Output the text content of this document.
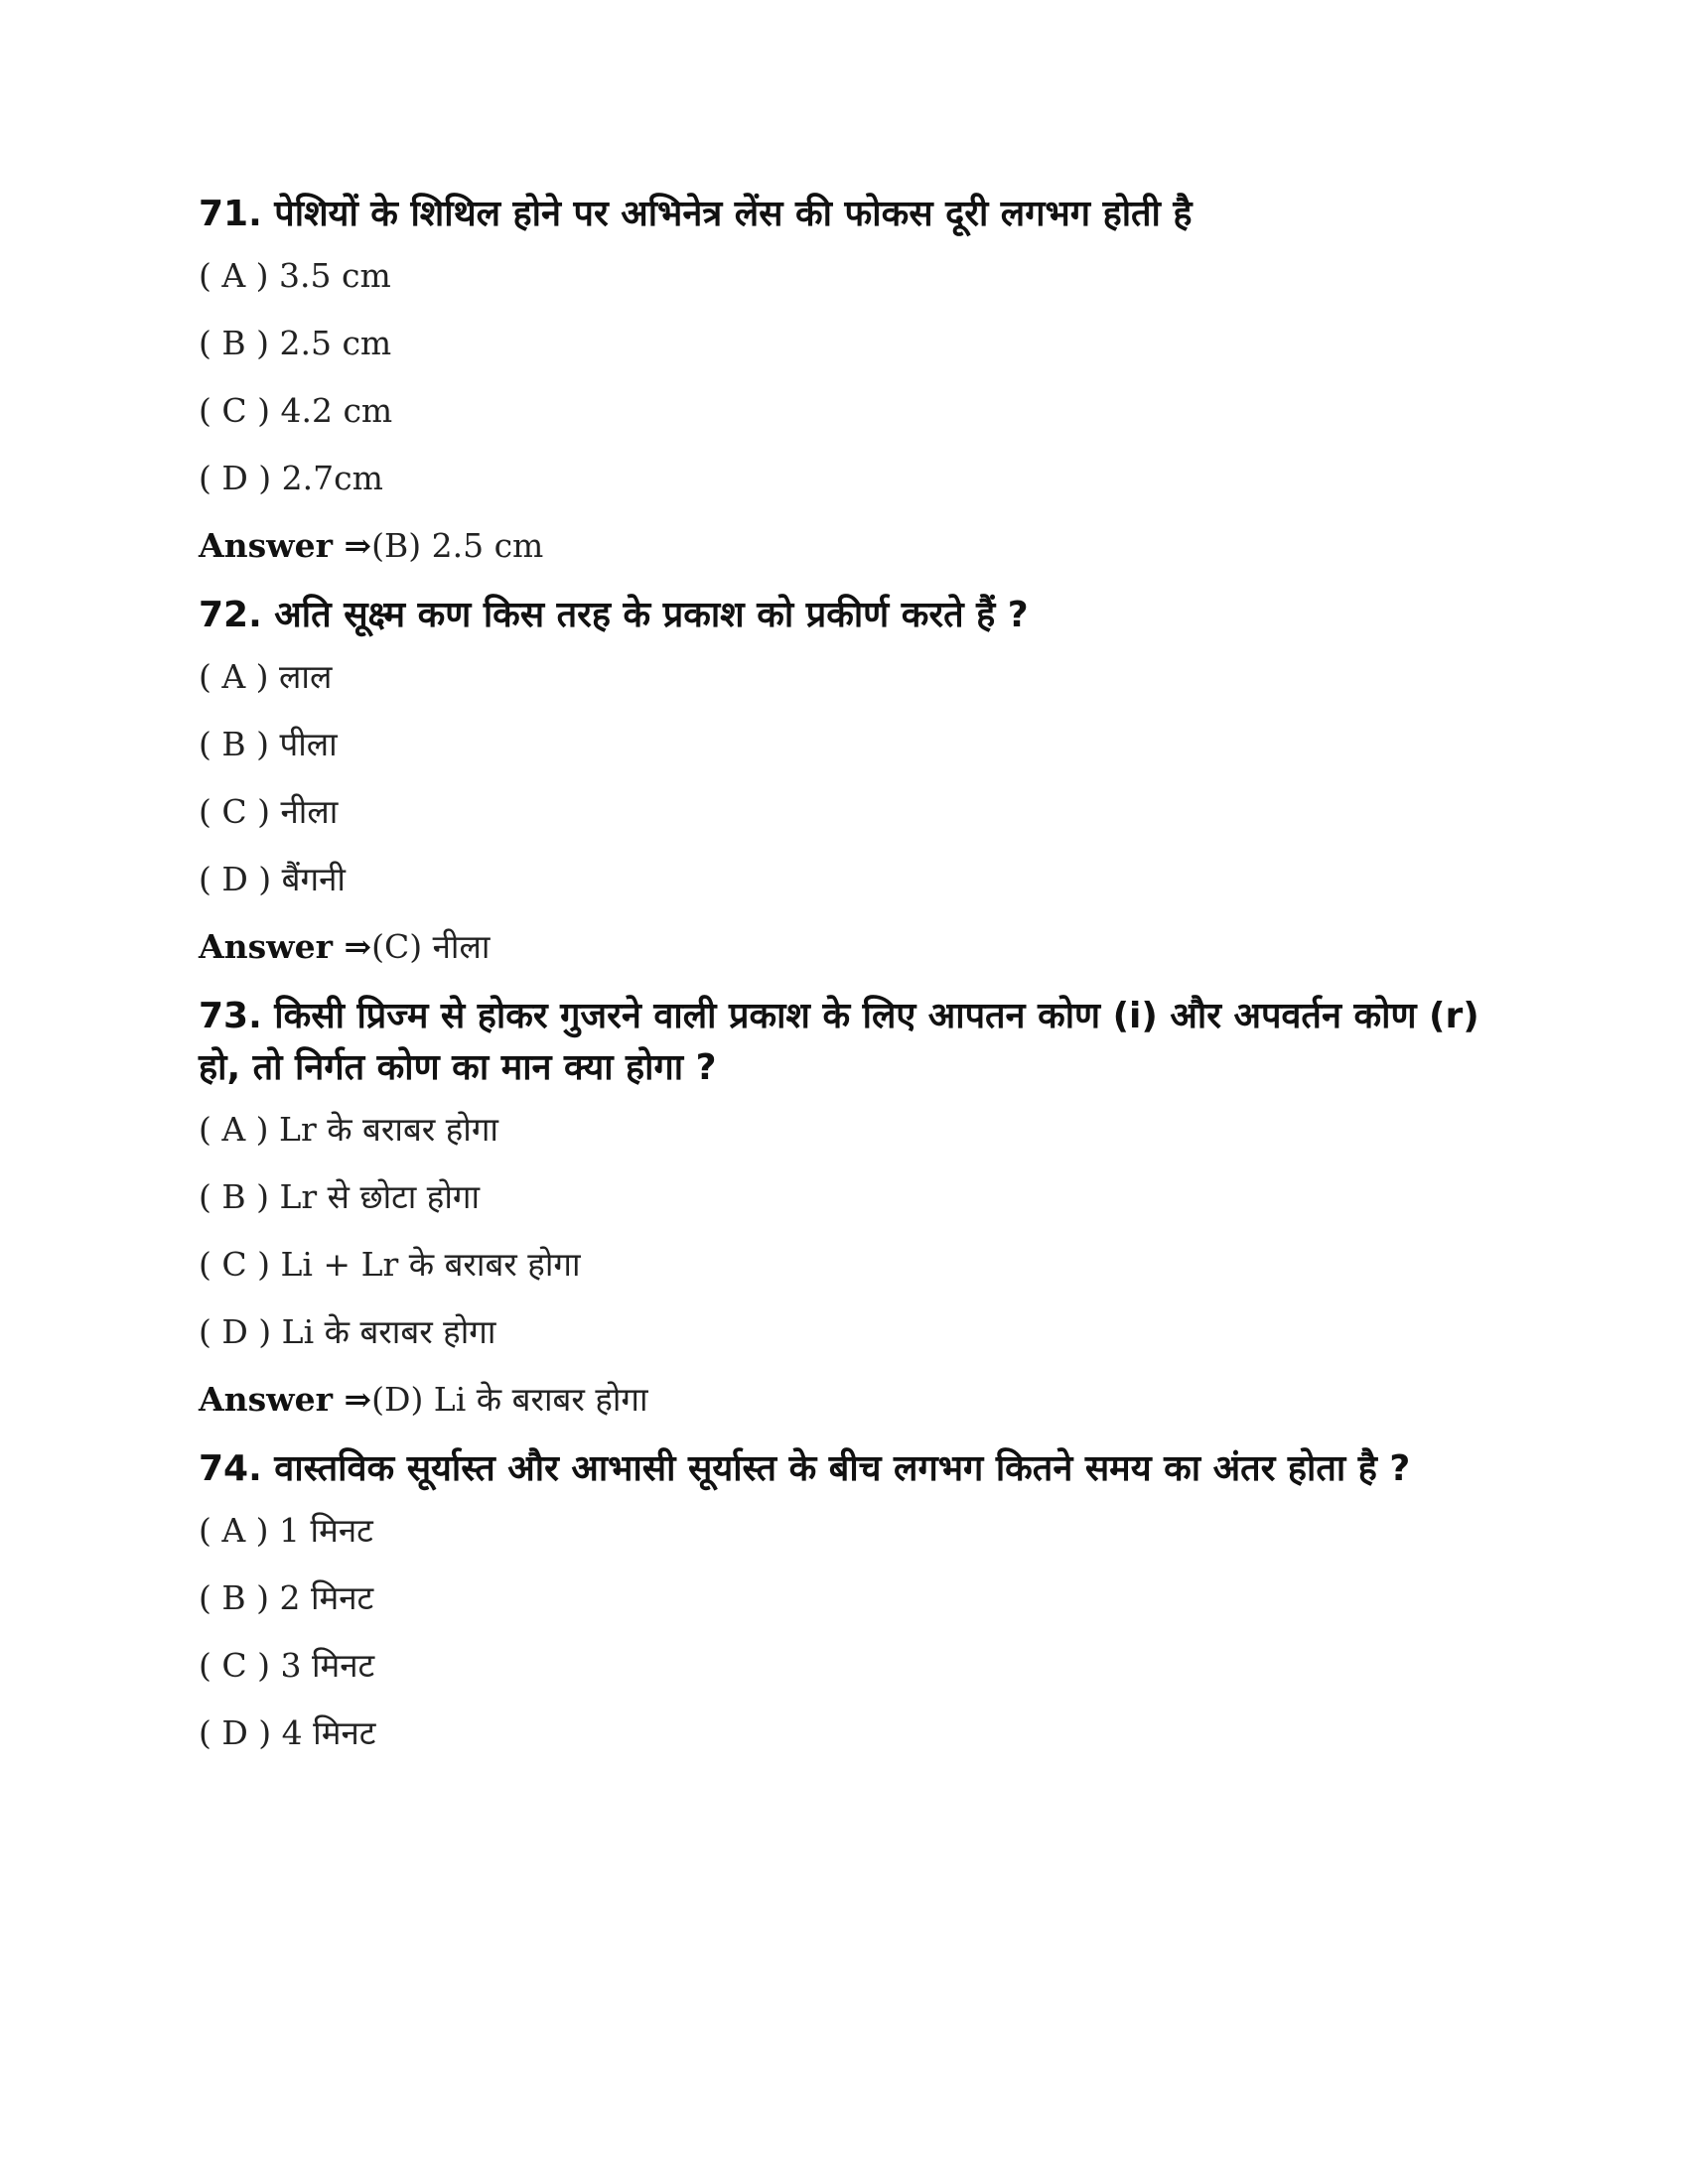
71. पेशियों के शिथिल होने पर अभिनेत्र लेंस की फोकस दूरी लगभग होती है

( A ) 3.5 cm

( B ) 2.5 cm

( C ) 4.2 cm

( D ) 2.7cm

Answer ⇒(B) 2.5 cm

72. अति सूक्ष्म कण किस तरह के प्रकाश को प्रकीर्ण करते हैं ?

( A ) लाल

( B ) पीला

( C ) नीला

( D ) बैंगनी

Answer ⇒(C) नीला

73. किसी प्रिज्म से होकर गुजरने वाली प्रकाश के लिए आपतन कोण (i) और अपवर्तन कोण (r) हो, तो निर्गत कोण का मान क्या होगा ?

( A ) Lr के बराबर होगा

( B ) Lr से छोटा होगा

( C ) Li + Lr के बराबर होगा

( D ) Li के बराबर होगा

Answer ⇒(D) Li के बराबर होगा

74. वास्तविक सूर्यास्त और आभासी सूर्यास्त के बीच लगभग कितने समय का अंतर होता है ?

( A ) 1 मिनट

( B ) 2 मिनट

( C ) 3 मिनट

( D ) 4 मिनट
